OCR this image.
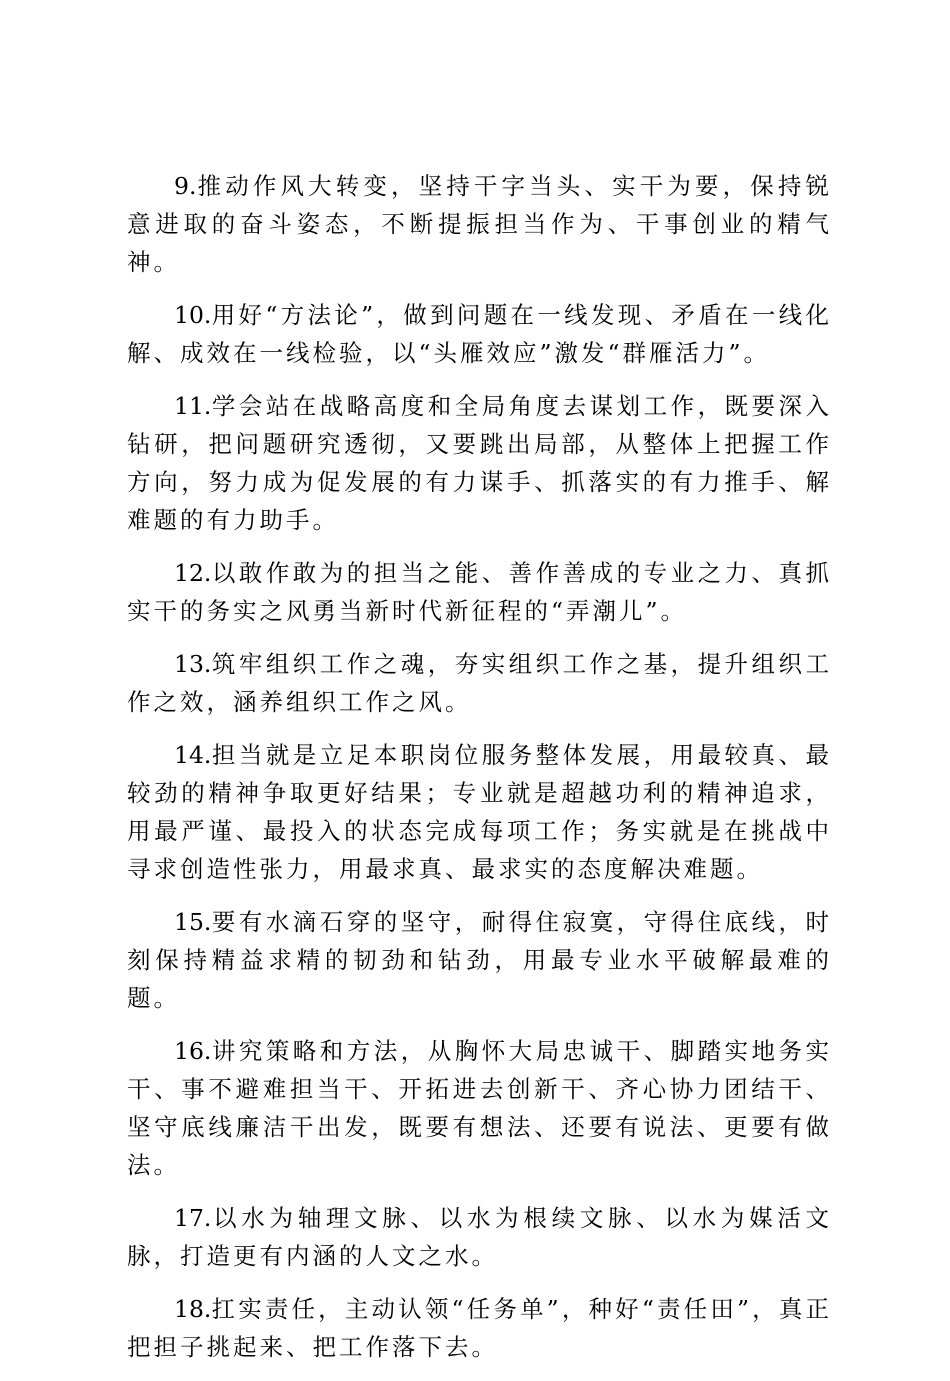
9.推动作风大转变，坚持干字当头、实干为要，保持锐意进取的奋斗姿态，不断提振担当作为、干事创业的精气神。

10.用好“方法论”，做到问题在一线发现、矛盾在一线化解、成效在一线检验，以“头雁效应”激发“群雁活力”。

11.学会站在战略高度和全局角度去谋划工作，既要深入钻研，把问题研究透彻，又要跳出局部，从整体上把握工作方向，努力成为促发展的有力谋手、抓落实的有力推手、解难题的有力助手。

12.以敢作敢为的担当之能、善作善成的专业之力、真抓实干的务实之风勇当新时代新征程的“弄潮儿”。

13.筑牢组织工作之魂，夯实组织工作之基，提升组织工作之效，涵养组织工作之风。

14.担当就是立足本职岗位服务整体发展，用最较真、最较劲的精神争取更好结果；专业就是超越功利的精神追求，用最严谨、最投入的状态完成每项工作；务实就是在挑战中寻求创造性张力，用最求真、最求实的态度解决难题。

15.要有水滴石穿的坚守，耐得住寂寞，守得住底线，时刻保持精益求精的韧劲和钻劲，用最专业水平破解最难的题。

16.讲究策略和方法，从胸怀大局忠诚干、脚踏实地务实干、事不避难担当干、开拓进去创新干、齐心协力团结干、坚守底线廉洁干出发，既要有想法、还要有说法、更要有做法。

17.以水为轴理文脉、以水为根续文脉、以水为媒活文脉，打造更有内涵的人文之水。

18.扛实责任，主动认领“任务单”，种好“责任田”，真正把担子挑起来、把工作落下去。
